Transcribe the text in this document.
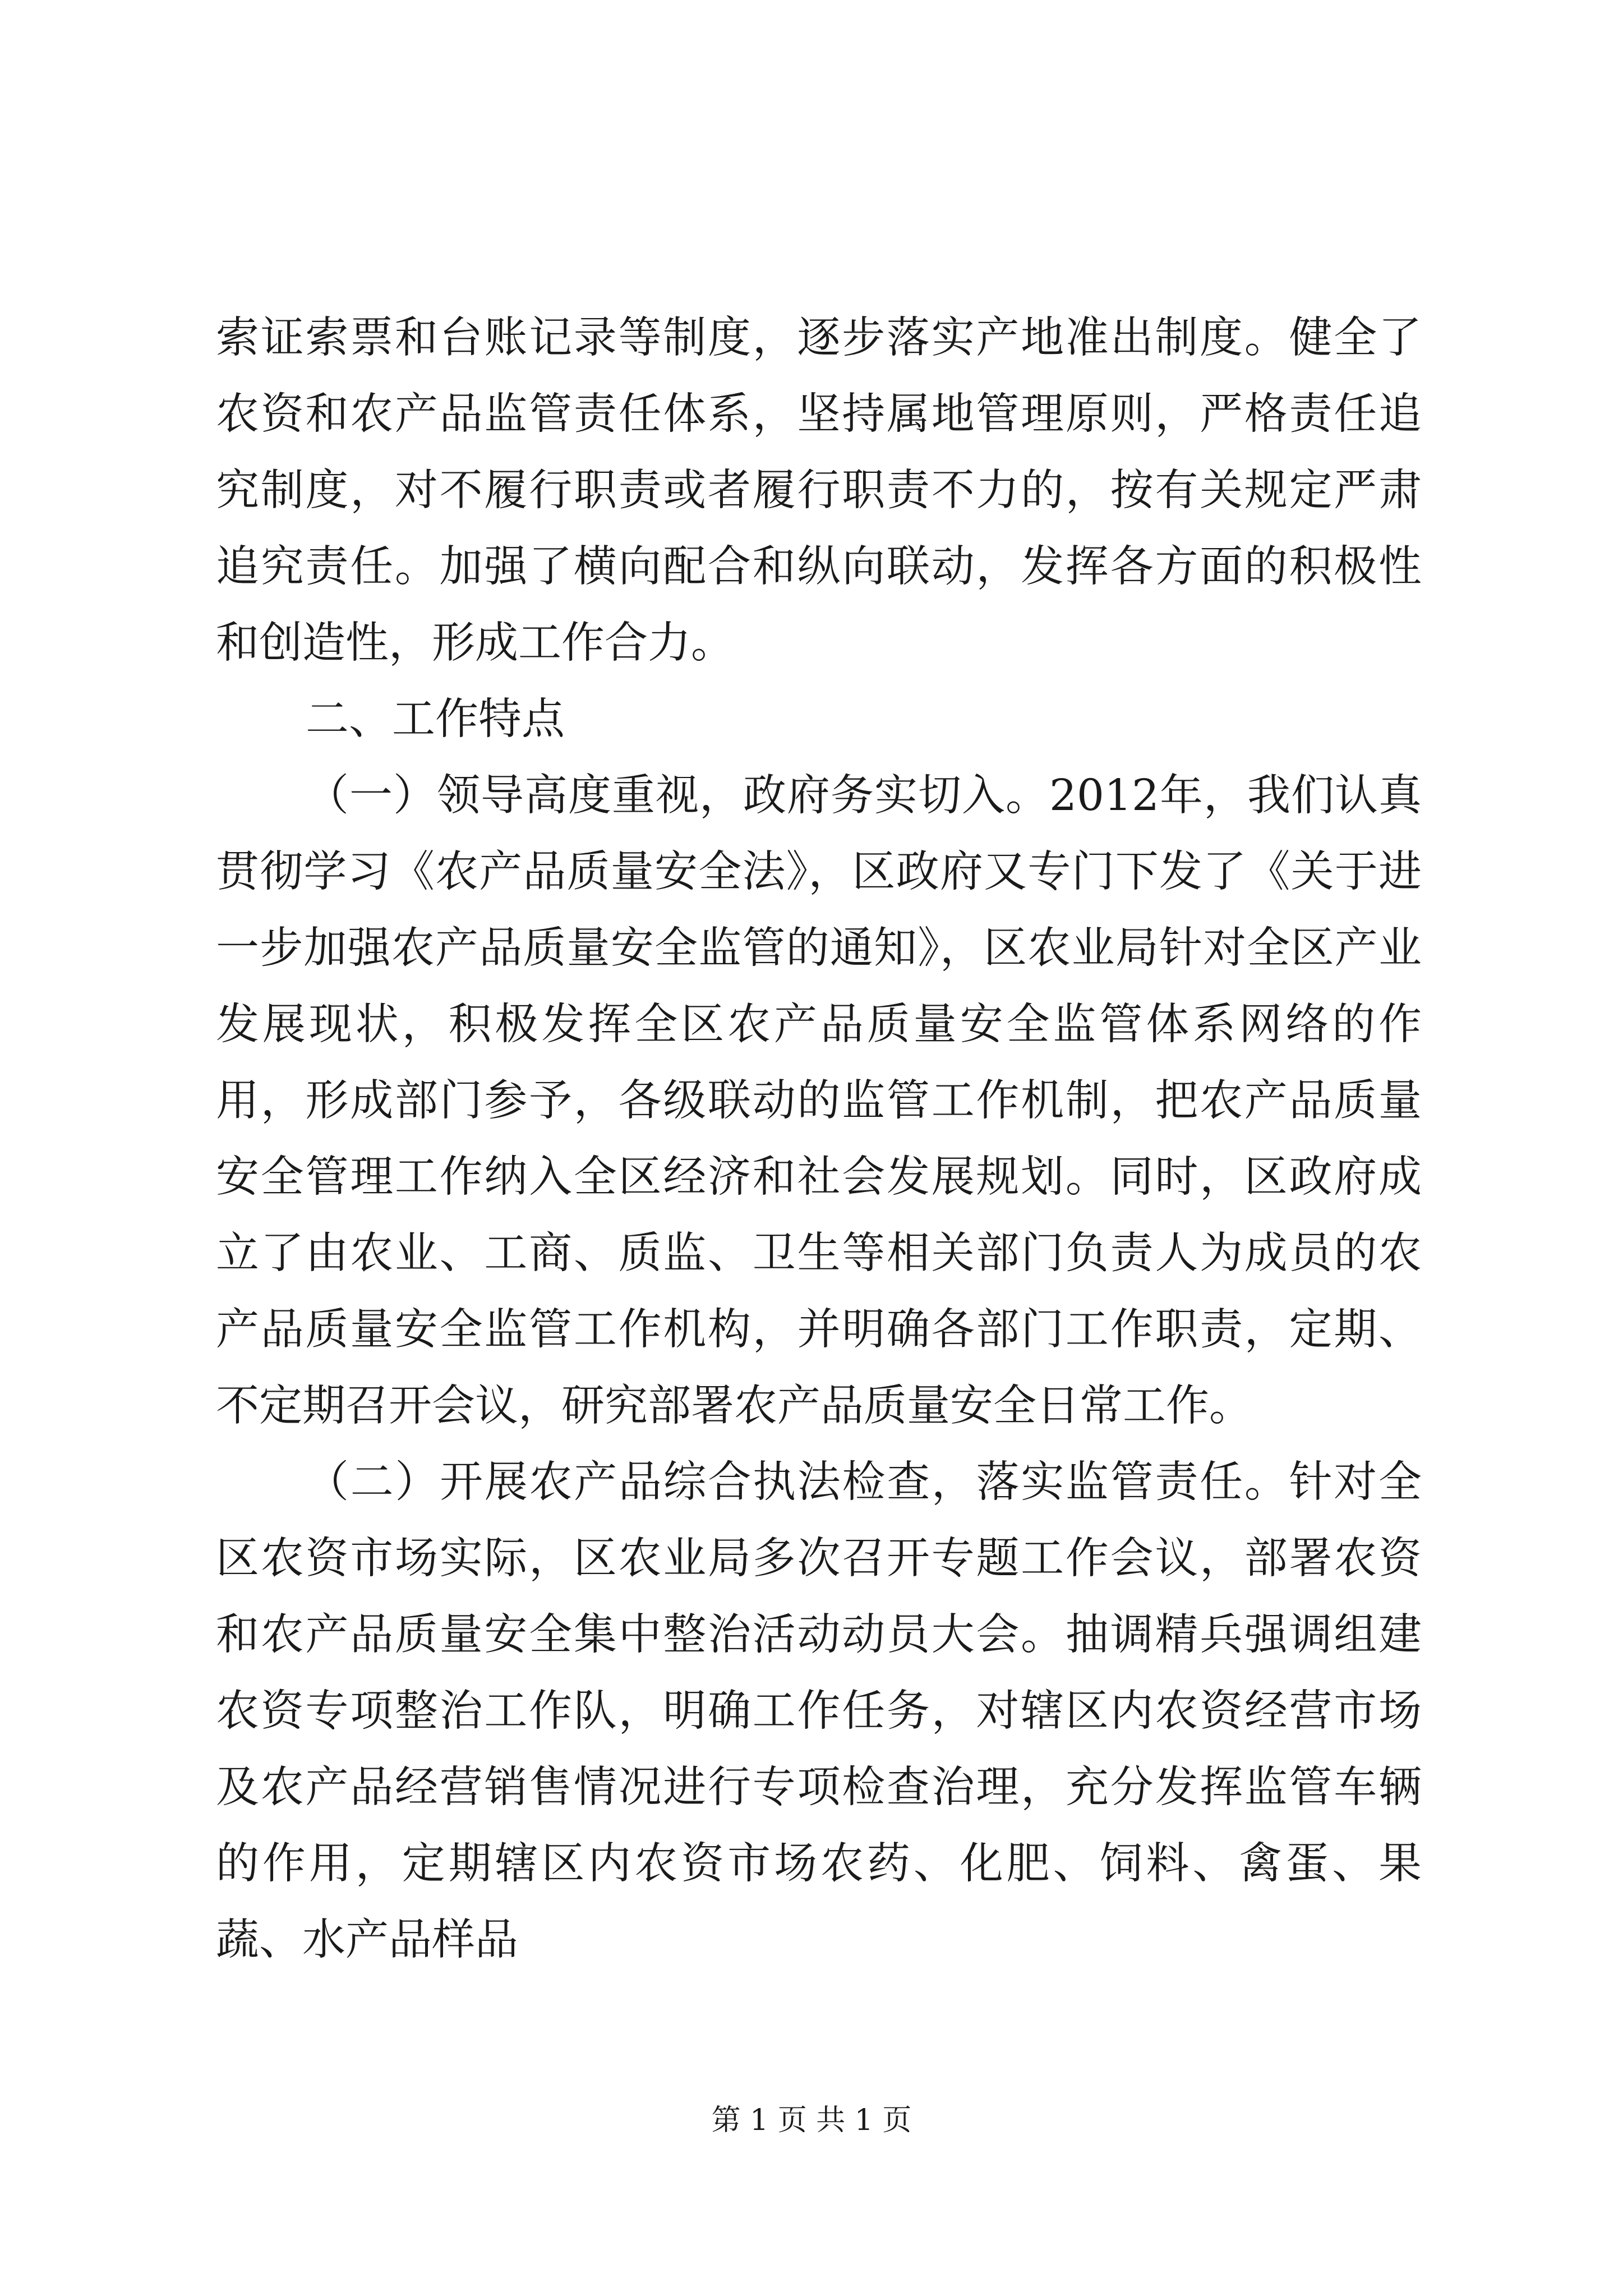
索证索票和台账记录等制度，逐步落实产地准出制度。健全了农资和农产品监管责任体系，坚持属地管理原则，严格责任追究制度，对不履行职责或者履行职责不力的，按有关规定严肃追究责任。加强了横向配合和纵向联动，发挥各方面的积极性和创造性，形成工作合力。

二、工作特点

（一）领导高度重视，政府务实切入。2012年，我们认真贯彻学习《农产品质量安全法》，区政府又专门下发了《关于进一步加强农产品质量安全监管的通知》，区农业局针对全区产业发展现状，积极发挥全区农产品质量安全监管体系网络的作用，形成部门参予，各级联动的监管工作机制，把农产品质量安全管理工作纳入全区经济和社会发展规划。同时，区政府成立了由农业、工商、质监、卫生等相关部门负责人为成员的农产品质量安全监管工作机构，并明确各部门工作职责，定期、不定期召开会议，研究部署农产品质量安全日常工作。

（二）开展农产品综合执法检查，落实监管责任。针对全区农资市场实际，区农业局多次召开专题工作会议，部署农资和农产品质量安全集中整治活动动员大会。抽调精兵强调组建农资专项整治工作队，明确工作任务，对辖区内农资经营市场及农产品经营销售情况进行专项检查治理，充分发挥监管车辆的作用，定期辖区内农资市场农药、化肥、饲料、禽蛋、果蔬、水产品样品

第 1 页 共 1 页
